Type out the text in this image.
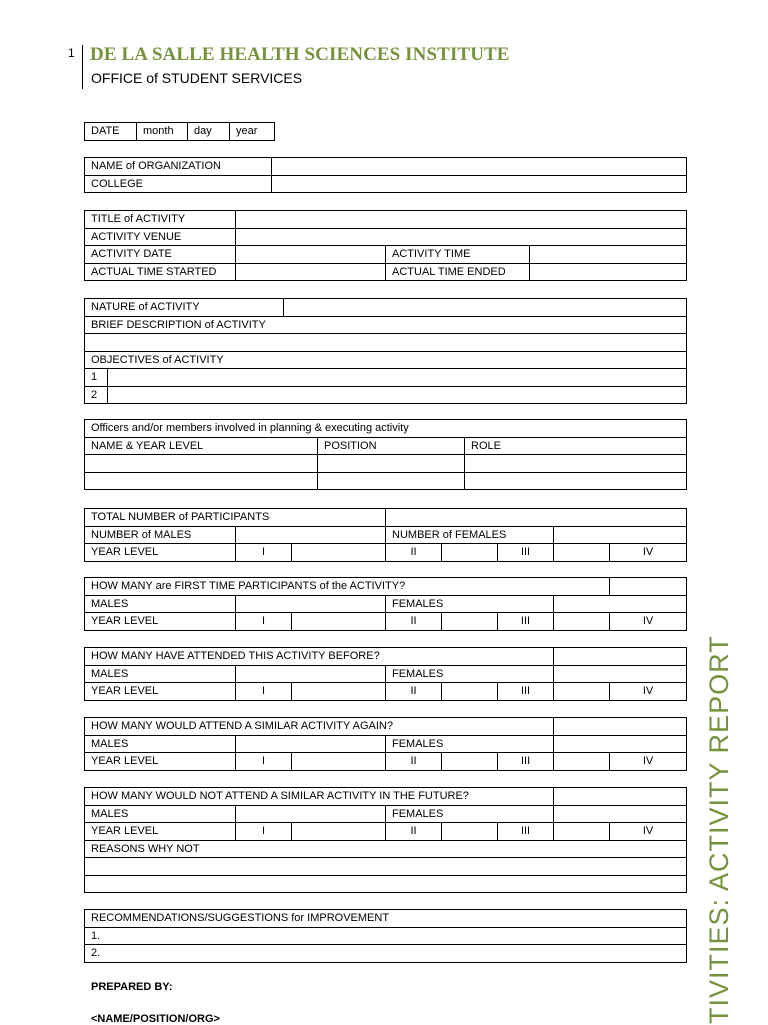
1 DE LA SALLE HEALTH SCIENCES INSTITUTE
OFFICE of STUDENT SERVICES
DATE	month	day	year
NAME of ORGANIZATION	
COLLEGE	
TITLE of ACTIVITY			
ACTIVITY VENUE			
ACTIVITY DATE		ACTIVITY TIME	
ACTUAL TIME STARTED		ACTUAL TIME ENDED	
NATURE of ACTIVITY		
BRIEF DESCRIPTION of ACTIVITY		

OBJECTIVES of ACTIVITY		
1		
2		
Officers and/or members involved in planning & executing activity		
NAME & YEAR LEVEL	POSITION	ROLE

TOTAL NUMBER of PARTICIPANTS								
NUMBER of MALES			NUMBER of FEMALES					
YEAR LEVEL	I		II		III		IV	
HOW MANY are FIRST TIME PARTICIPANTS of the ACTIVITY?								
MALES			FEMALES					
YEAR LEVEL	I		II		III		IV	
HOW MANY HAVE ATTENDED THIS ACTIVITY BEFORE?								
MALES			FEMALES					
YEAR LEVEL	I		II		III		IV	
HOW MANY WOULD ATTEND A SIMILAR ACTIVITY AGAIN?								
MALES			FEMALES					
YEAR LEVEL	I		II		III		IV	
HOW MANY WOULD NOT ATTEND A SIMILAR ACTIVITY IN THE FUTURE?								
MALES			FEMALES					
YEAR LEVEL	I		II		III		IV	
REASONS WHY NOT								

RECOMMENDATIONS/SUGGESTIONS for IMPROVEMENT
1.
2.
PREPARED BY:
<NAME/POSITION/ORG>	TIVITIES: ACTIVITY REPORT
